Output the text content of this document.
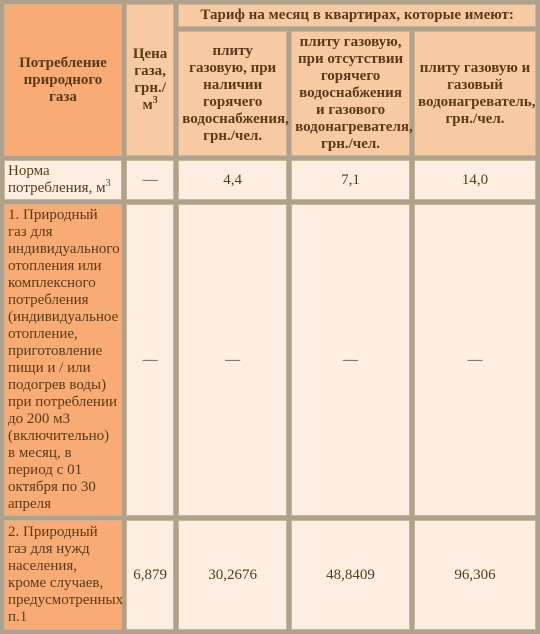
Потребление природного газа	Цена газа, $грн./м^3$	Тариф на месяц в квартирах, которые имеют:		
		плиту газовую, при наличии горячего водоснабжения, грн./чел.	плиту газовую, при отсутствии горячего водоснабжения и газового водонагревателя, грн./чел.	плиту газовую и газовый водонагреватель, грн./чел.
Норма потребления, $м^3$	—	4,4	7,1	14,0
1. Природный газ для индивидуального отопления или комплексного потребления (индивидуальное отопление, приготовление пищи и / или подогрев воды) при потреблении до 200 м3 (включительно) в месяц, в период с 01 октября по 30 апреля	—	—	—	—
2. Природный газ для нужд населения, кроме случаев, предусмотренных п.1	6,879	30,2676	48,8409	96,306
